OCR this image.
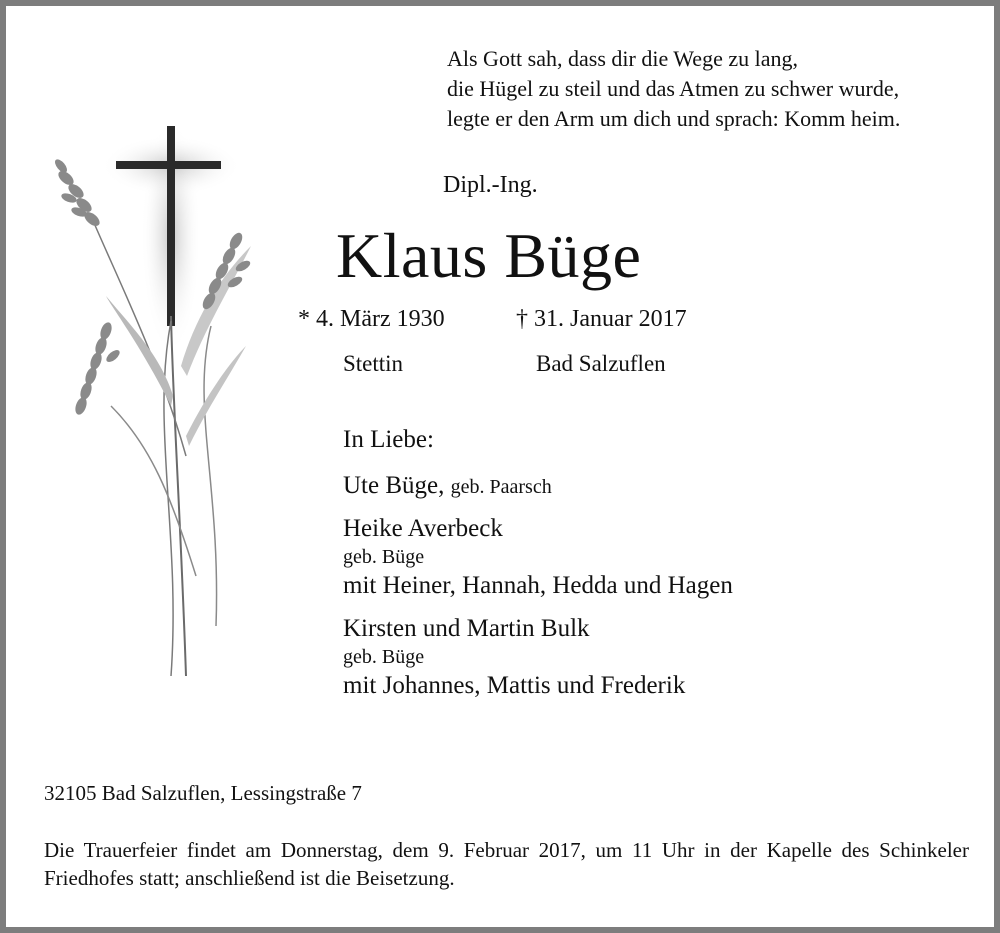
Als Gott sah, dass dir die Wege zu lang,
die Hügel zu steil und das Atmen zu schwer wurde,
legte er den Arm um dich und sprach: Komm heim.
Dipl.-Ing.
Klaus Büge
* 4. März 1930	† 31. Januar 2017
Stettin	Bad Salzuflen
In Liebe:
Ute Büge, geb. Paarsch
Heike Averbeck
geb. Büge
mit Heiner, Hannah, Hedda und Hagen
Kirsten und Martin Bulk
geb. Büge
mit Johannes, Mattis und Frederik
32105 Bad Salzuflen, Lessingstraße 7
Die Trauerfeier findet am Donnerstag, dem 9. Februar 2017, um 11 Uhr in der Kapelle des Schinkeler Friedhofes statt; anschließend ist die Beisetzung.
